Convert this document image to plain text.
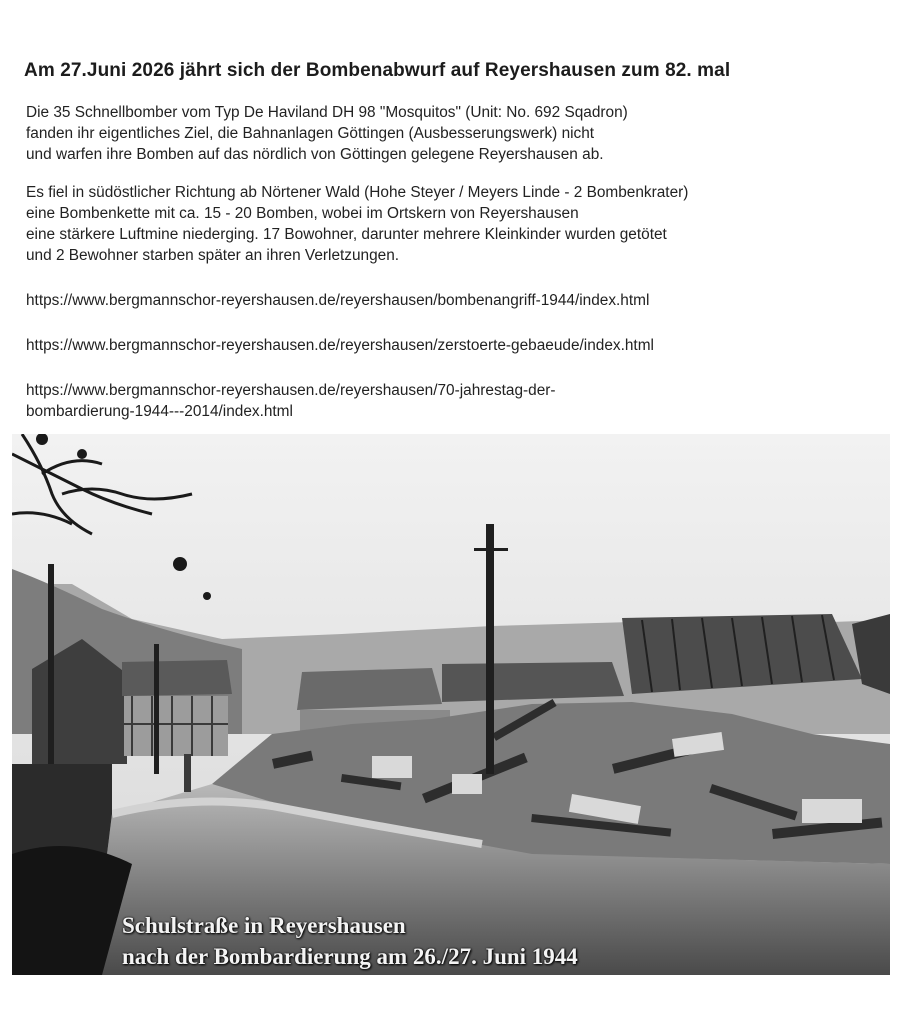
Am 27.Juni 2026 jährt sich der Bombenabwurf auf Reyershausen zum 82. mal
Die 35 Schnellbomber vom Typ De Haviland DH 98 "Mosquitos" (Unit: No. 692 Sqadron)
fanden ihr eigentliches Ziel, die Bahnanlagen Göttingen (Ausbesserungswerk) nicht
und warfen ihre Bomben auf das nördlich von Göttingen gelegene Reyershausen ab.
Es fiel in südöstlicher Richtung ab Nörtener Wald (Hohe Steyer / Meyers Linde - 2 Bombenkrater)
eine Bombenkette mit ca. 15 - 20 Bomben, wobei im Ortskern von Reyershausen
eine stärkere Luftmine niederging. 17 Bowohner, darunter mehrere Kleinkinder wurden getötet
und 2 Bewohner starben später an ihren Verletzungen.
https://www.bergmannschor-reyershausen.de/reyershausen/bombenangriff-1944/index.html
https://www.bergmannschor-reyershausen.de/reyershausen/zerstoerte-gebaeude/index.html
https://www.bergmannschor-reyershausen.de/reyershausen/70-jahrestag-der-
bombardierung-1944---2014/index.html
Schulstraße in Reyershausen
nach der Bombardierung am 26./27. Juni 1944
